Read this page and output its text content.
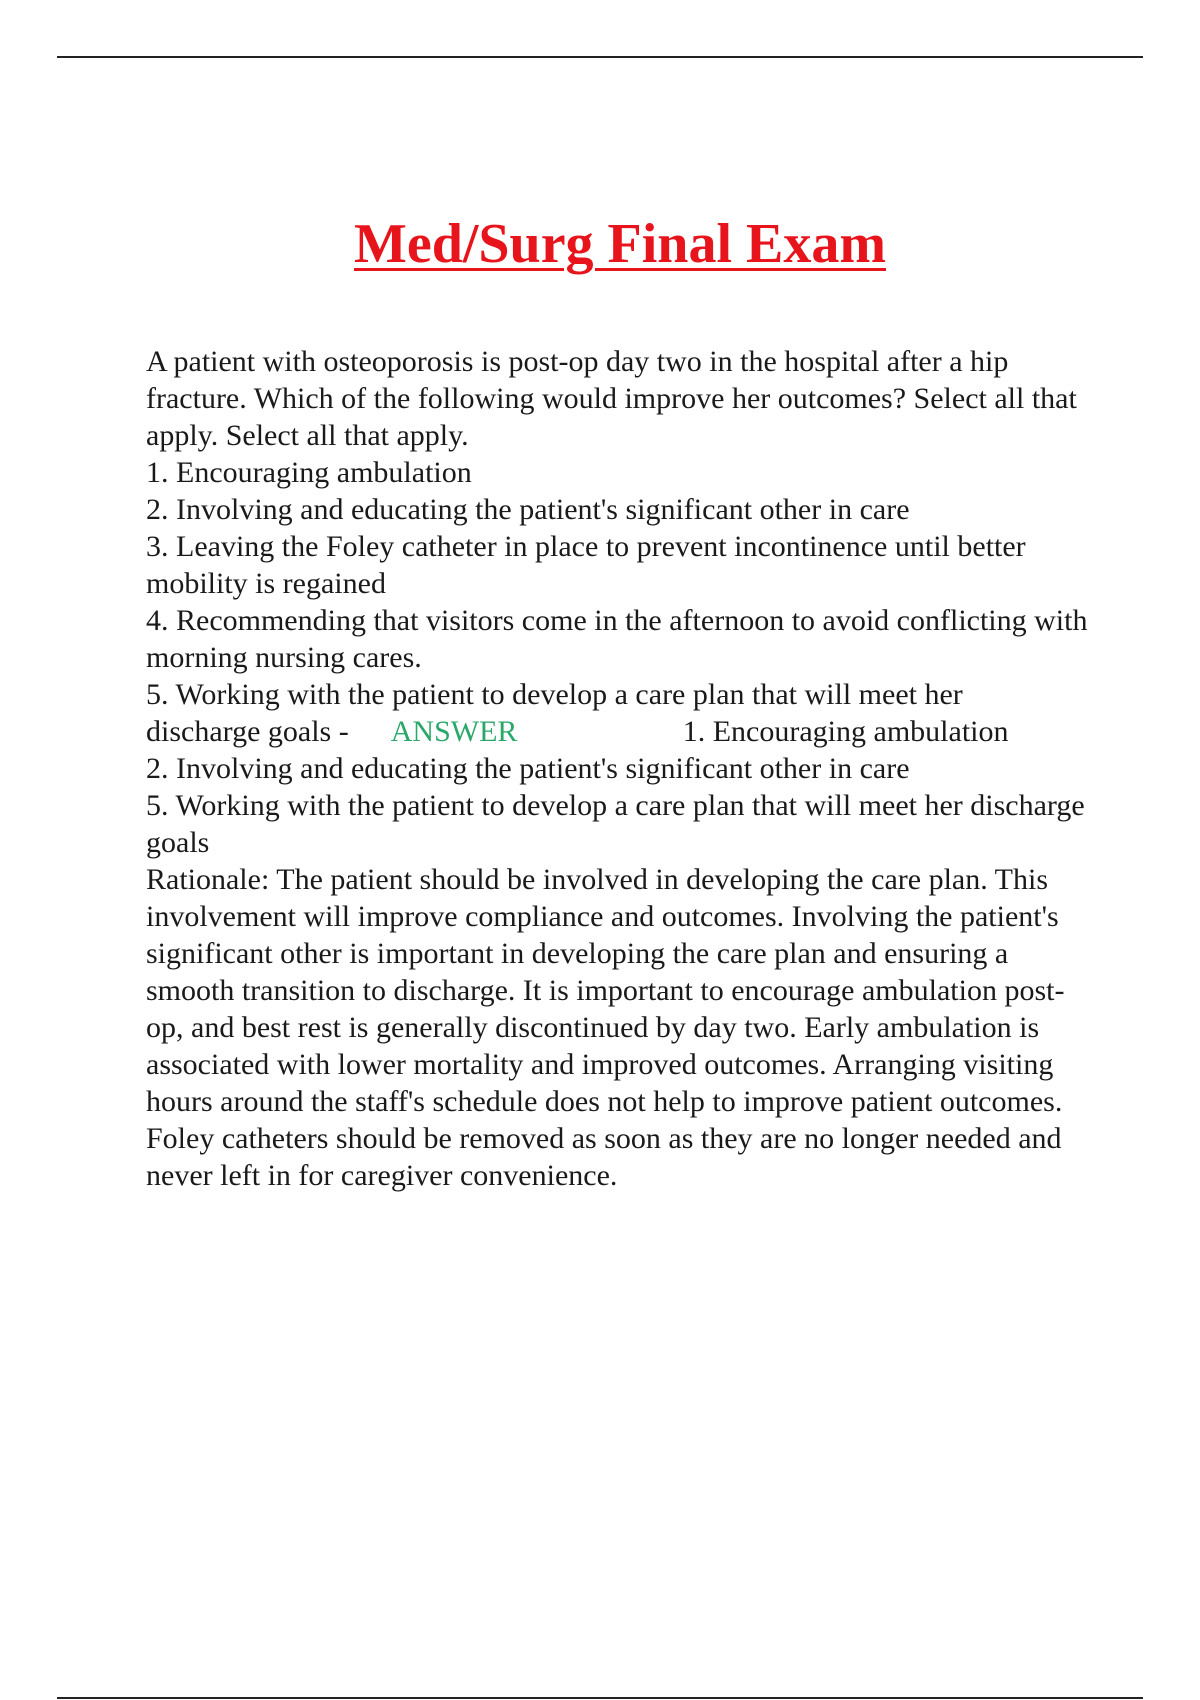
Med/Surg Final Exam

A patient with osteoporosis is post-op day two in the hospital after a hip fracture. Which of the following would improve her outcomes? Select all that apply. Select all that apply.

1. Encouraging ambulation

2. Involving and educating the patient's significant other in care

3. Leaving the Foley catheter in place to prevent incontinence until better mobility is regained

4. Recommending that visitors come in the afternoon to avoid conflicting with morning nursing cares.

5. Working with the patient to develop a care plan that will meet her

discharge goals - ANSWER	1. Encouraging ambulation

2. Involving and educating the patient's significant other in care

5. Working with the patient to develop a care plan that will meet her discharge goals

Rationale: The patient should be involved in developing the care plan. This involvement will improve compliance and outcomes. Involving the patient's significant other is important in developing the care plan and ensuring a smooth transition to discharge. It is important to encourage ambulation post-op, and best rest is generally discontinued by day two. Early ambulation is associated with lower mortality and improved outcomes. Arranging visiting hours around the staff's schedule does not help to improve patient outcomes. Foley catheters should be removed as soon as they are no longer needed and never left in for caregiver convenience.
